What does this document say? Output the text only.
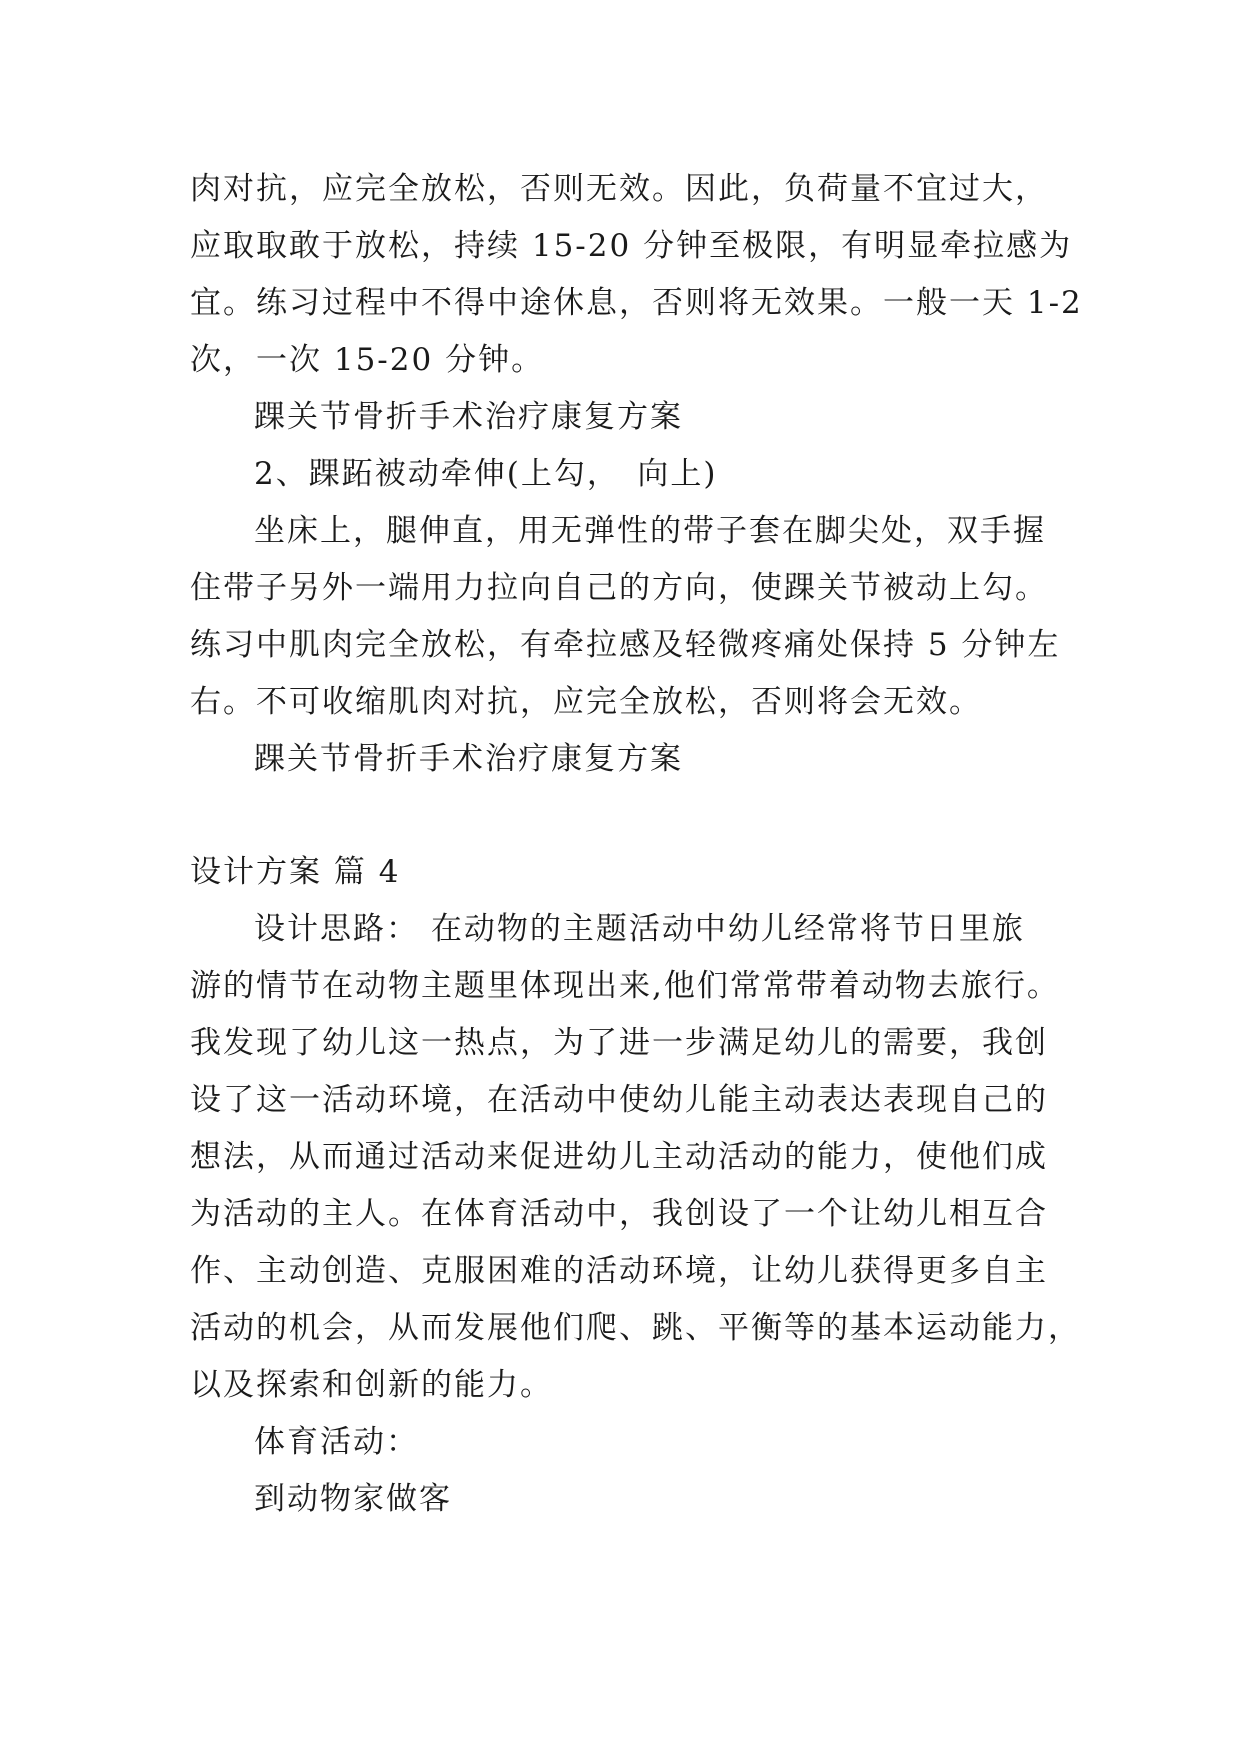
肉对抗，应完全放松，否则无效。因此，负荷量不宜过大，
应取取敢于放松，持续 15-20 分钟至极限，有明显牵拉感为
宜。练习过程中不得中途休息，否则将无效果。一般一天 1-2
次，一次 15-20 分钟。
踝关节骨折手术治疗康复方案
2、踝跖被动牵伸(上勾，　向上)
坐床上，腿伸直，用无弹性的带子套在脚尖处，双手握
住带子另外一端用力拉向自己的方向，使踝关节被动上勾。
练习中肌肉完全放松，有牵拉感及轻微疼痛处保持 5 分钟左
右。不可收缩肌肉对抗，应完全放松，否则将会无效。
踝关节骨折手术治疗康复方案
设计方案 篇 4
设计思路： 在动物的主题活动中幼儿经常将节日里旅
游的情节在动物主题里体现出来,他们常常带着动物去旅行。
我发现了幼儿这一热点，为了进一步满足幼儿的需要，我创
设了这一活动环境，在活动中使幼儿能主动表达表现自己的
想法，从而通过活动来促进幼儿主动活动的能力，使他们成
为活动的主人。在体育活动中，我创设了一个让幼儿相互合
作、主动创造、克服困难的活动环境，让幼儿获得更多自主
活动的机会，从而发展他们爬、跳、平衡等的基本运动能力，
以及探索和创新的能力。
体育活动：
到动物家做客
